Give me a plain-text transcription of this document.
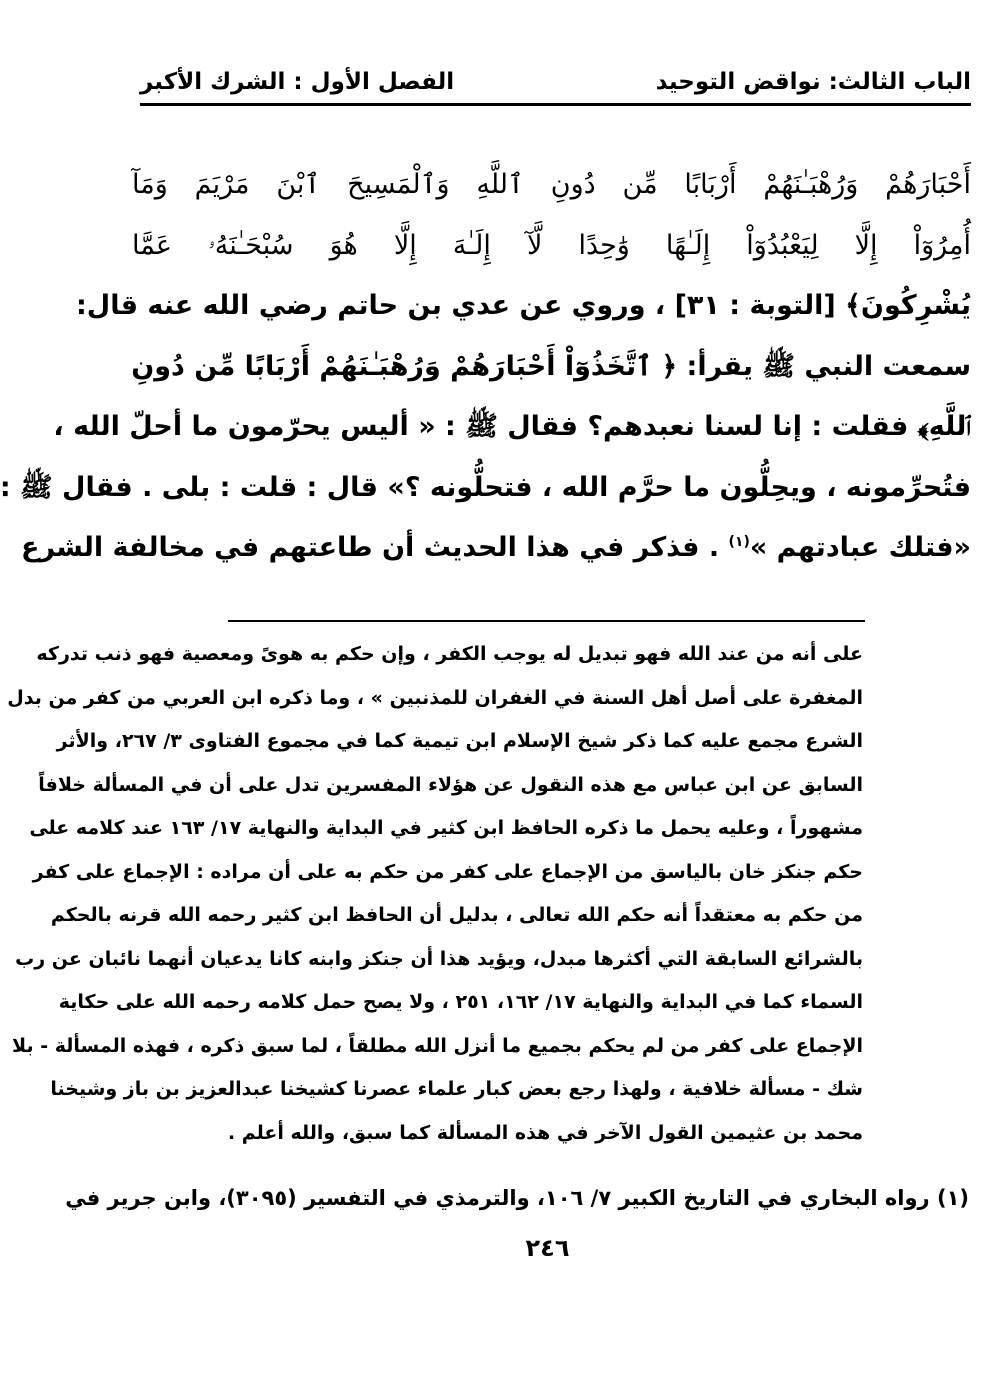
الباب الثالث: نواقض التوحيد
الفصل الأول : الشرك الأكبر
أَحْبَارَهُمْ وَرُهْبَـٰنَهُمْ أَرْبَابًا مِّن دُونِ ٱللَّهِ وَٱلْمَسِيحَ ٱبْنَ مَرْيَمَ وَمَآ
أُمِرُوٓاْ إِلَّا لِيَعْبُدُوٓاْ إِلَـٰهًا وَٰحِدًا لَّآ إِلَـٰهَ إِلَّا هُوَ سُبْحَـٰنَهُۥ عَمَّا
يُشْرِكُونَ﴾ [التوبة : ٣١] ، وروي عن عدي بن حاتم رضي الله عنه قال:
سمعت النبي ﷺ يقرأ: ﴿ ٱتَّخَذُوٓاْ أَحْبَارَهُمْ وَرُهْبَـٰنَهُمْ أَرْبَابًا مِّن دُونِ
ٱللَّهِ﴾ فقلت : إنا لسنا نعبدهم؟ فقال ﷺ : « أليس يحرّمون ما أحلّ الله ،
فتُحرِّمونه ، ويحِلُّون ما حرَّم الله ، فتحلُّونه ؟» قال : قلت : بلى . فقال ﷺ :
«فتلك عبادتهم »$^{(١)}$ . فذكر في هذا الحديث أن طاعتهم في مخالفة الشرع
على أنه من عند الله فهو تبديل له يوجب الكفر ، وإن حكم به هوىً ومعصية فهو ذنب تدركه
المغفرة على أصل أهل السنة في الغفران للمذنبين » ، وما ذكره ابن العربي من كفر من بدل
الشرع مجمع عليه كما ذكر شيخ الإسلام ابن تيمية كما في مجموع الفتاوى ٣/ ٢٦٧، والأثر
السابق عن ابن عباس مع هذه النقول عن هؤلاء المفسرين تدل على أن في المسألة خلافاً
مشهوراً ، وعليه يحمل ما ذكره الحافظ ابن كثير في البداية والنهاية ١٧/ ١٦٣ عند كلامه على
حكم جنكز خان بالياسق من الإجماع على كفر من حكم به على أن مراده : الإجماع على كفر
من حكم به معتقداً أنه حكم الله تعالى ، بدليل أن الحافظ ابن كثير رحمه الله قرنه بالحكم
بالشرائع السابقة التي أكثرها مبدل، ويؤيد هذا أن جنكز وابنه كانا يدعيان أنهما نائبان عن رب
السماء كما في البداية والنهاية ١٧/ ١٦٢، ٢٥١ ، ولا يصح حمل كلامه رحمه الله على حكاية
الإجماع على كفر من لم يحكم بجميع ما أنزل الله مطلقاً ، لما سبق ذكره ، فهذه المسألة - بلا
شك - مسألة خلافية ، ولهذا رجع بعض كبار علماء عصرنا كشيخنا عبدالعزيز بن باز وشيخنا
محمد بن عثيمين القول الآخر في هذه المسألة كما سبق، والله أعلم .
(١) رواه البخاري في التاريخ الكبير ٧/ ١٠٦، والترمذي في التفسير (٣٠٩٥)، وابن جرير في
٢٤٦
